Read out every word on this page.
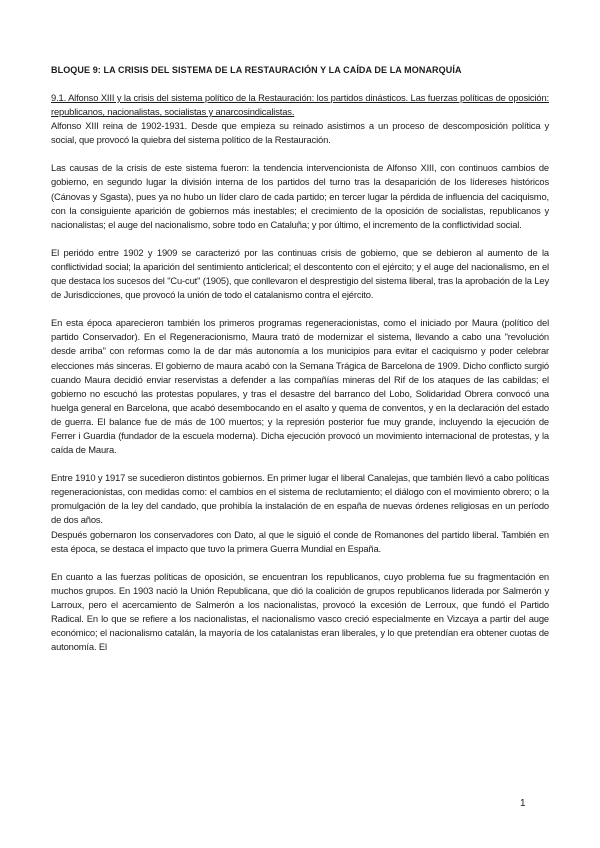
BLOQUE 9: LA CRISIS DEL SISTEMA DE LA RESTAURACIÓN Y LA CAÍDA DE LA MONARQUÍA

9.1. Alfonso XIII y la crisis del sistema político de la Restauración: los partidos dinásticos. Las fuerzas políticas de oposición: republicanos, nacionalistas, socialistas y anarcosindicalistas.

Alfonso XIII reina de 1902-1931. Desde que empieza su reinado asistimos a un proceso de descomposición política y social, que provocó la quiebra del sistema político de la Restauración.

Las causas de la crisis de este sistema fueron: la tendencia intervencionista de Alfonso XIII, con continuos cambios de gobierno, en segundo lugar la división interna de los partidos del turno tras la desaparición de los lídereses históricos (Cánovas y Sgasta), pues ya no hubo un líder claro de cada partido; en tercer lugar la pérdida de influencia del caciquismo, con la consiguiente aparición de gobiernos más inestables; el crecimiento de la oposición de socialistas, republicanos y nacionalistas; el auge del nacionalismo, sobre todo en Cataluña; y por último, el incremento de la conflictividad social.

El periódo entre 1902 y 1909 se caracterizó por las continuas crisis de gobierno, que se debieron al aumento de la conflictividad social; la aparición del sentimiento anticlerical; el descontento con el ejército; y el auge del nacionalismo, en el que destaca los sucesos del "Cu-cut" (1905), que conllevaron el desprestigio del sistema liberal, tras la aprobación de la Ley de Jurisdicciones, que provocó la unión de todo el catalanismo contra el ejército.

En esta época aparecieron también los primeros programas regeneracionistas, como el iniciado por Maura (político del partido Conservador). En el Regeneracionismo, Maura trató de modernizar el sistema, llevando a cabo una "revolución desde arriba" con reformas como la de dar más autonomía a los municipios para evitar el caciquismo y poder celebrar elecciones más sinceras. El gobierno de maura acabó con la Semana Trágica de Barcelona de 1909. Dicho conflicto surgió cuando Maura decidió enviar reservistas a defender a las compañías mineras del Rif de los ataques de las cabildas; el gobierno no escuchó las protestas populares, y tras el desastre del barranco del Lobo, Solidaridad Obrera convocó una huelga general en Barcelona, que acabó desembocando en el asalto y quema de conventos, y en la declaración del estado de guerra. El balance fue de más de 100 muertos; y la represión posterior fue muy grande, incluyendo la ejecución de Ferrer i Guardia (fundador de la escuela moderna). Dicha ejecución provocó un movimiento internacional de protestas, y la caída de Maura.

Entre 1910 y 1917 se sucedieron distintos gobiernos. En primer lugar el liberal Canalejas, que también llevó a cabo políticas regeneracionistas, con medidas como: el cambios en el sistema de reclutamiento; el diálogo con el movimiento obrero; o la promulgación de la ley del candado, que prohibía la instalación de en españa de nuevas órdenes religiosas en un período de dos años.

Después gobernaron los conservadores con Dato, al que le siguió el conde de Romanones del partido liberal. También en esta época, se destaca el impacto que tuvo la primera Guerra Mundial en España.

En cuanto a las fuerzas políticas de oposición, se encuentran los republicanos, cuyo problema fue su fragmentación en muchos grupos. En 1903 nació la Unión Republicana, que dió la coalición de grupos republicanos liderada por Salmerón y Larroux, pero el acercamiento de Salmerón a los nacionalistas, provocó la excesión de Lerroux, que fundó el Partido Radical. En lo que se refiere a los nacionalistas, el nacionalismo vasco creció especialmente en Vizcaya a partir del auge económico; el nacionalismo catalán, la mayoría de los catalanistas eran liberales, y lo que pretendían era obtener cuotas de autonomía. El

1
